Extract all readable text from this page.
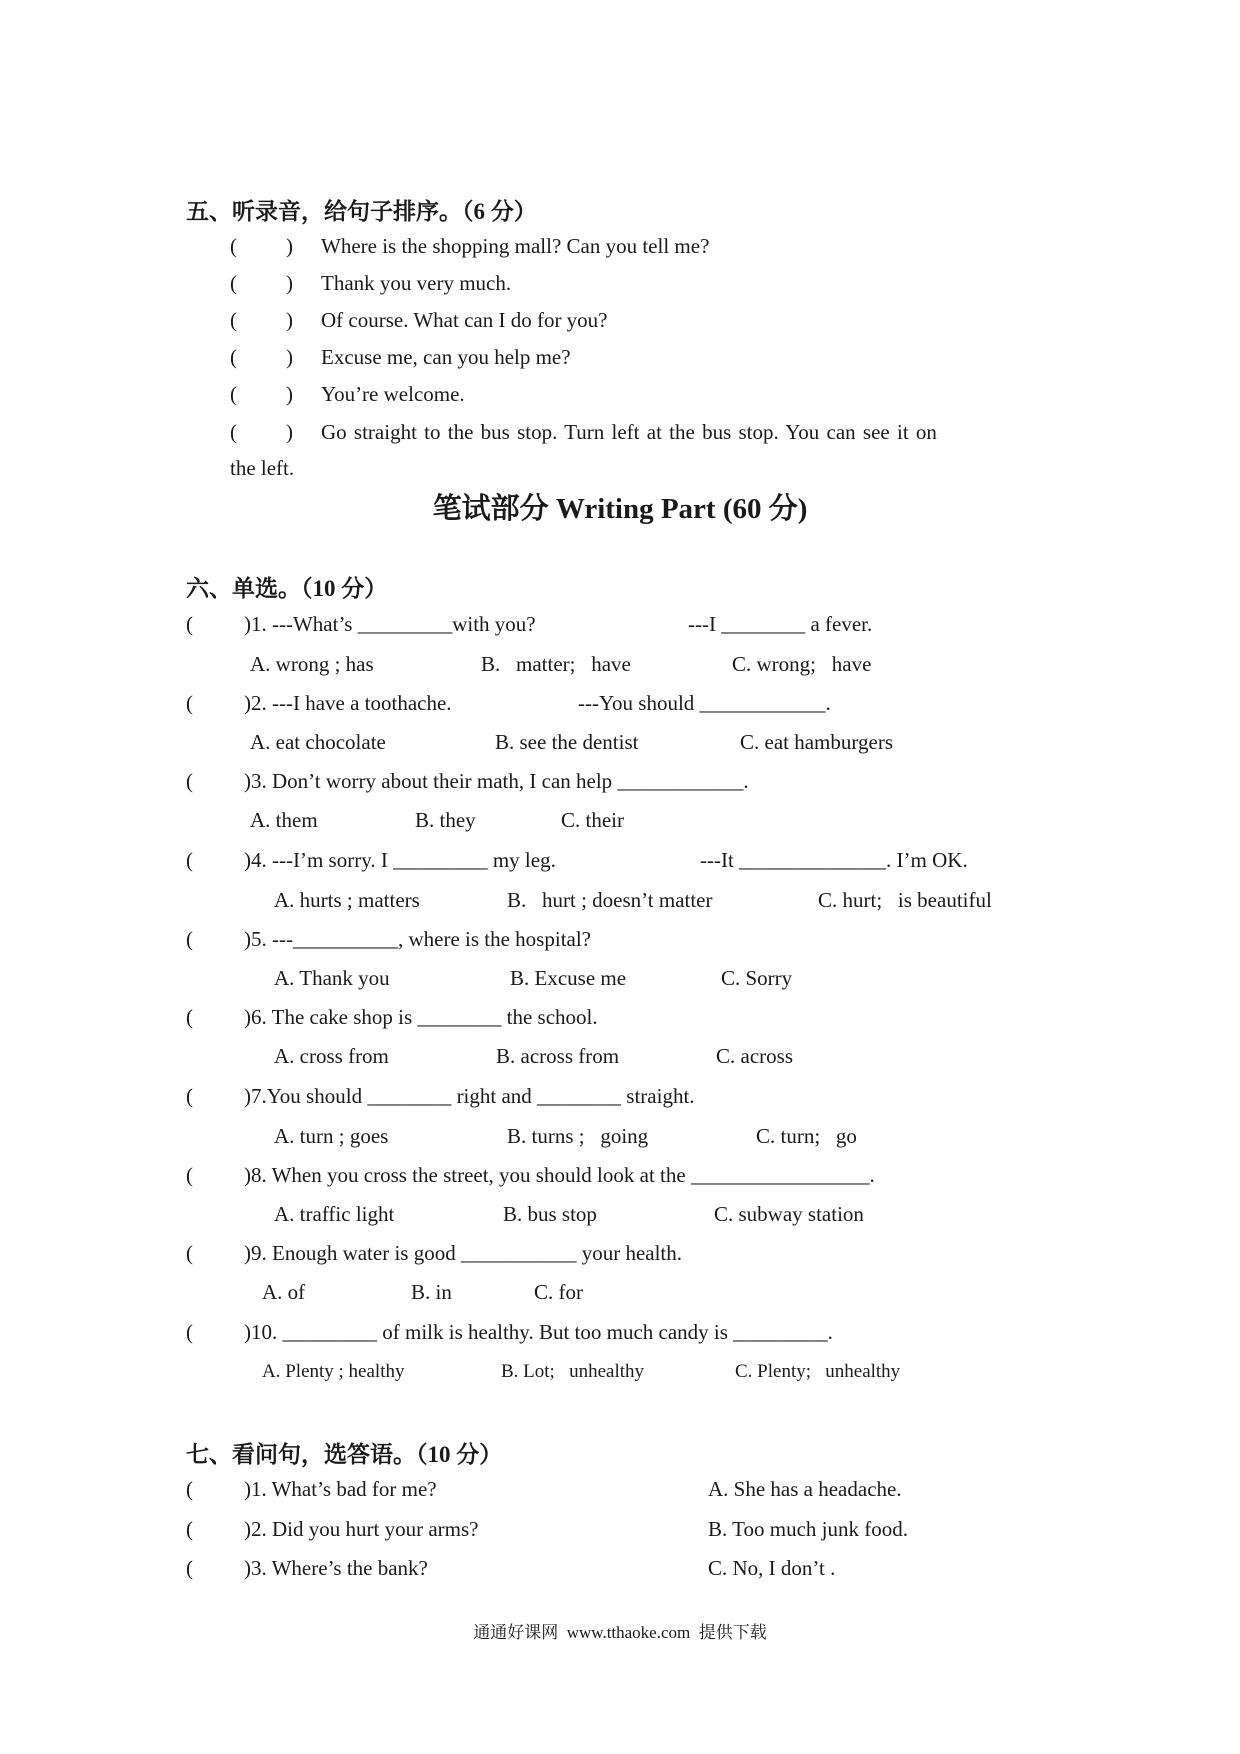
五、听录音，给句子排序。（6 分）
( ) Where is the shopping mall? Can you tell me?
( ) Thank you very much.
( ) Of course. What can I do for you?
( ) Excuse me, can you help me?
( ) You’re welcome.
( ) Go straight to the bus stop. Turn left at the bus stop. You can see it on
the left.
笔试部分 Writing Part (60 分)
六、单选。（10 分）
( )1. ---What’s _________with you?	---I ________ a fever.
A. wrong ; has	B.   matter;   have	C. wrong;   have
( )2. ---I have a toothache.	---You should ____________.
A. eat chocolate	B. see the dentist	C. eat hamburgers
( )3. Don’t worry about their math, I can help ____________.
A. them	B. they	C. their
( )4. ---I’m sorry. I _________ my leg.	---It ______________. I’m OK.
A. hurts ; matters	B.   hurt ; doesn’t matter	C. hurt;   is beautiful
( )5. ---__________, where is the hospital?
A. Thank you	B. Excuse me	C. Sorry
( )6. The cake shop is ________ the school.
A. cross from	B. across from	C. across
( )7.You should ________ right and ________ straight.
A. turn ; goes	B. turns ;   going	C. turn;   go
( )8. When you cross the street, you should look at the _________________.
A. traffic light	B. bus stop	C. subway station
( )9. Enough water is good ___________ your health.
A. of	B. in	C. for
( )10. _________ of milk is healthy. But too much candy is _________.
A. Plenty ; healthy	B. Lot;   unhealthy	C. Plenty;   unhealthy
七、看问句，选答语。（10 分）
( )1. What’s bad for me?	A. She has a headache.
( )2. Did you hurt your arms?	B. Too much junk food.
( )3. Where’s the bank?	C. No, I don’t .
通通好课网  www.tthaoke.com  提供下载
